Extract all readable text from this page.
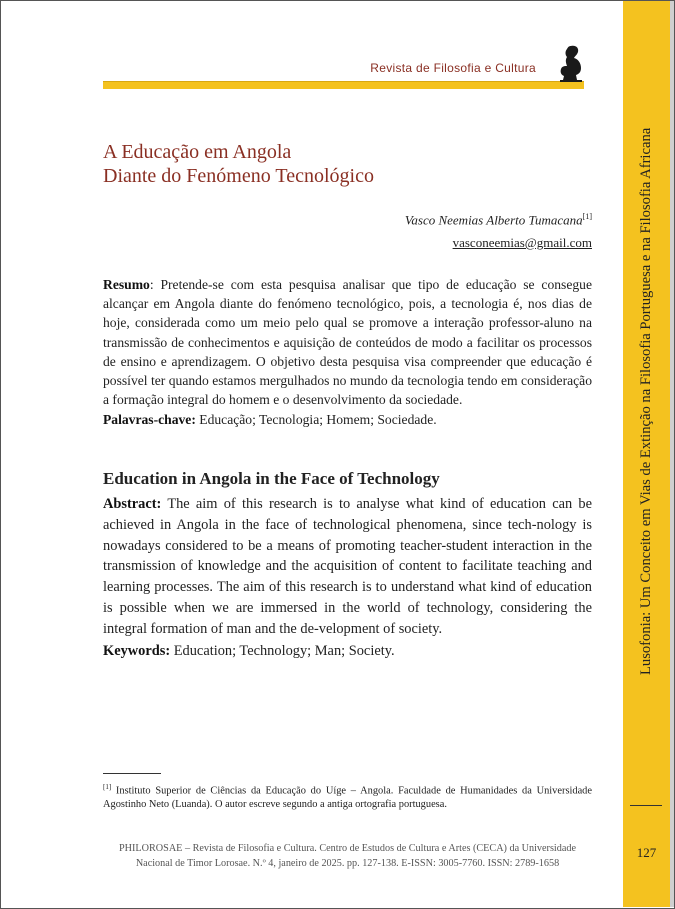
Lusofonia: Um Conceito em Vias de Extinção na Filosofia Portuguesa e na Filosofia Africana
127
Revista de Filosofia e Cultura
A Educação em Angola
Diante do Fenómeno Tecnológico
Vasco Neemias Alberto Tumacana[1]
vasconeemias@gmail.com
Resumo: Pretende-se com esta pesquisa analisar que tipo de educação se consegue alcançar em Angola diante do fenómeno tecnológico, pois, a tecnologia é, nos dias de hoje, considerada como um meio pelo qual se promove a interação professor-aluno na transmissão de conhecimentos e aquisição de conteúdos de modo a facilitar os processos de ensino e aprendizagem. O objetivo desta pesquisa visa compreender que educação é possível ter quando estamos mergulhados no mundo da tecnologia tendo em consideração a formação integral do homem e o desenvolvimento da sociedade.
Palavras-chave: Educação; Tecnologia; Homem; Sociedade.
Education in Angola in the Face of Technology
Abstract: The aim of this research is to analyse what kind of education can be achieved in Angola in the face of technological phenomena, since tech-nology is nowadays considered to be a means of promoting teacher-student interaction in the transmission of knowledge and the acquisition of content to facilitate teaching and learning processes. The aim of this research is to understand what kind of education is possible when we are immersed in the world of technology, considering the integral formation of man and the de-velopment of society.
Keywords: Education; Technology; Man; Society.
[1] Instituto Superior de Ciências da Educação do Uíge – Angola. Faculdade de Humanidades da Universidade Agostinho Neto (Luanda). O autor escreve segundo a antiga ortografia portuguesa.
PHILOROSAE – Revista de Filosofia e Cultura. Centro de Estudos de Cultura e Artes (CECA) da Universidade
Nacional de Timor Lorosae. N.º 4, janeiro de 2025. pp. 127-138. E-ISSN: 3005-7760. ISSN: 2789-1658
